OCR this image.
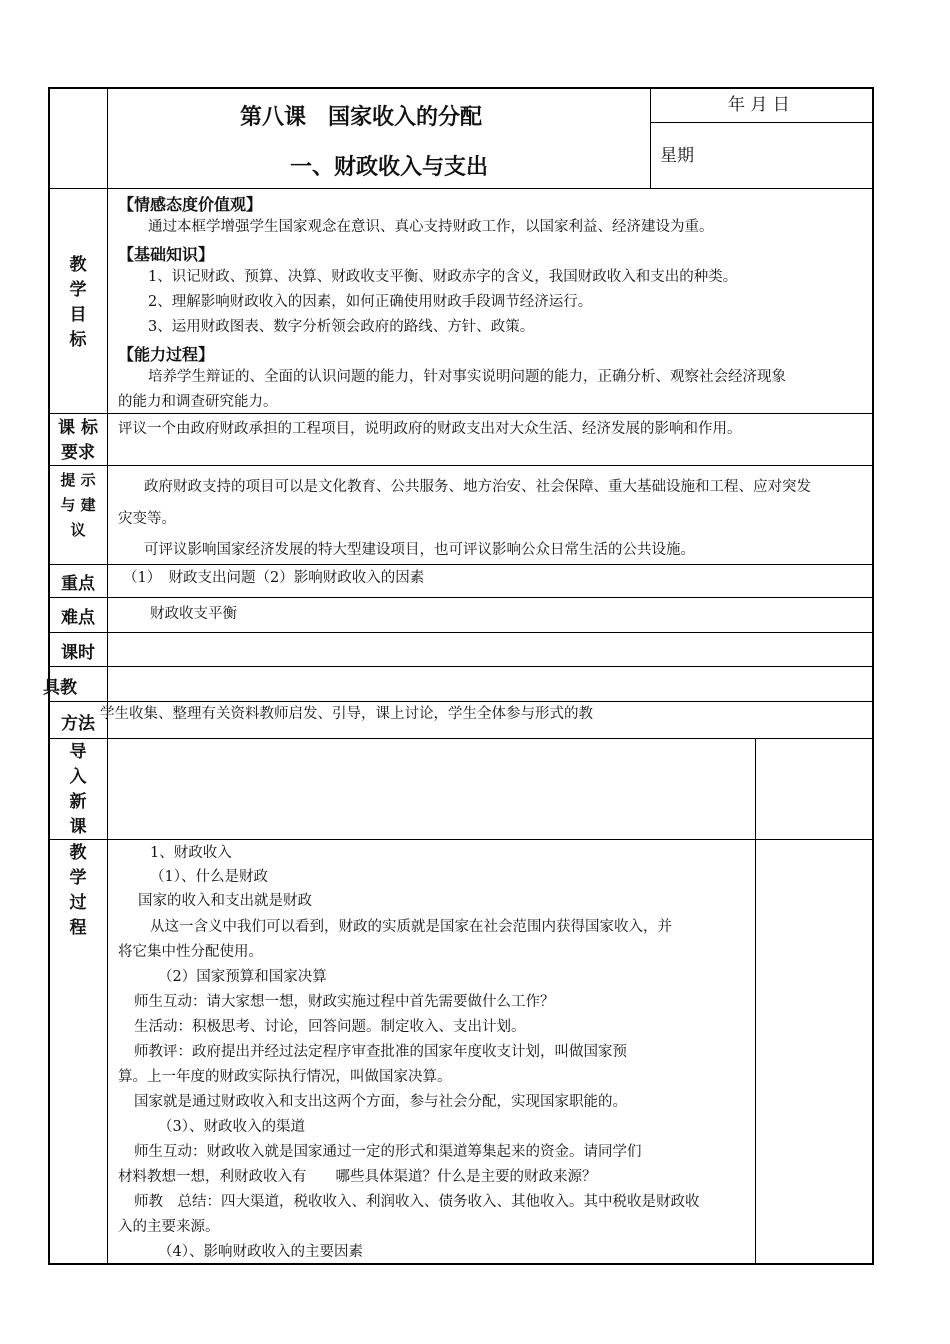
第八课　国家收入的分配
一、财政收入与支出
年 月 日
星期
教
学
目
标
【情感态度价值观】
通过本框学增强学生国家观念在意识、真心支持财政工作，以国家利益、经济建设为重。
【基础知识】
1、识记财政、预算、决算、财政收支平衡、财政赤字的含义，我国财政收入和支出的种类。
2、理解影响财政收入的因素，如何正确使用财政手段调节经济运行。
3、运用财政图表、数字分析领会政府的路线、方针、政策。
【能力过程】
培养学生辩证的、全面的认识问题的能力，针对事实说明问题的能力，正确分析、观察社会经济现象
的能力和调查研究能力。
课 标
要求
评议一个由政府财政承担的工程项目，说明政府的财政支出对大众生活、经济发展的影响和作用。
提 示
与 建
议
政府财政支持的项目可以是文化教育、公共服务、地方治安、社会保障、重大基础设施和工程、应对突发
灾变等。
可评议影响国家经济发展的特大型建设项目，也可评议影响公众日常生活的公共设施。
重点	（1）　财政支出问题（2）影响财政收入的因素
难点	财政收支平衡
课时
具教
方法 学生收集、整理有关资料教师启发、引导，课上讨论，学生全体参与形式的教
导
入
新
课
教
学
过
程
1、财政收入
（1）、什么是财政
国家的收入和支出就是财政
从这一含义中我们可以看到，财政的实质就是国家在社会范围内获得国家收入，并
将它集中性分配使用。
（2）国家预算和国家决算
师生互动：请大家想一想，财政实施过程中首先需要做什么工作？
生活动：积极思考、讨论，回答问题。制定收入、支出计划。
师教评：政府提出并经过法定程序审查批准的国家年度收支计划，叫做国家预
算。上一年度的财政实际执行情况，叫做国家决算。
国家就是通过财政收入和支出这两个方面，参与社会分配，实现国家职能的。
（3）、财政收入的渠道
师生互动：财政收入就是国家通过一定的形式和渠道筹集起来的资金。请同学们
材料教想一想，利财政收入有　　哪些具体渠道？什么是主要的财政来源？
师教　总结：四大渠道，税收收入、利润收入、债务收入、其他收入。其中税收是财政收
入的主要来源。
（4）、影响财政收入的主要因素
